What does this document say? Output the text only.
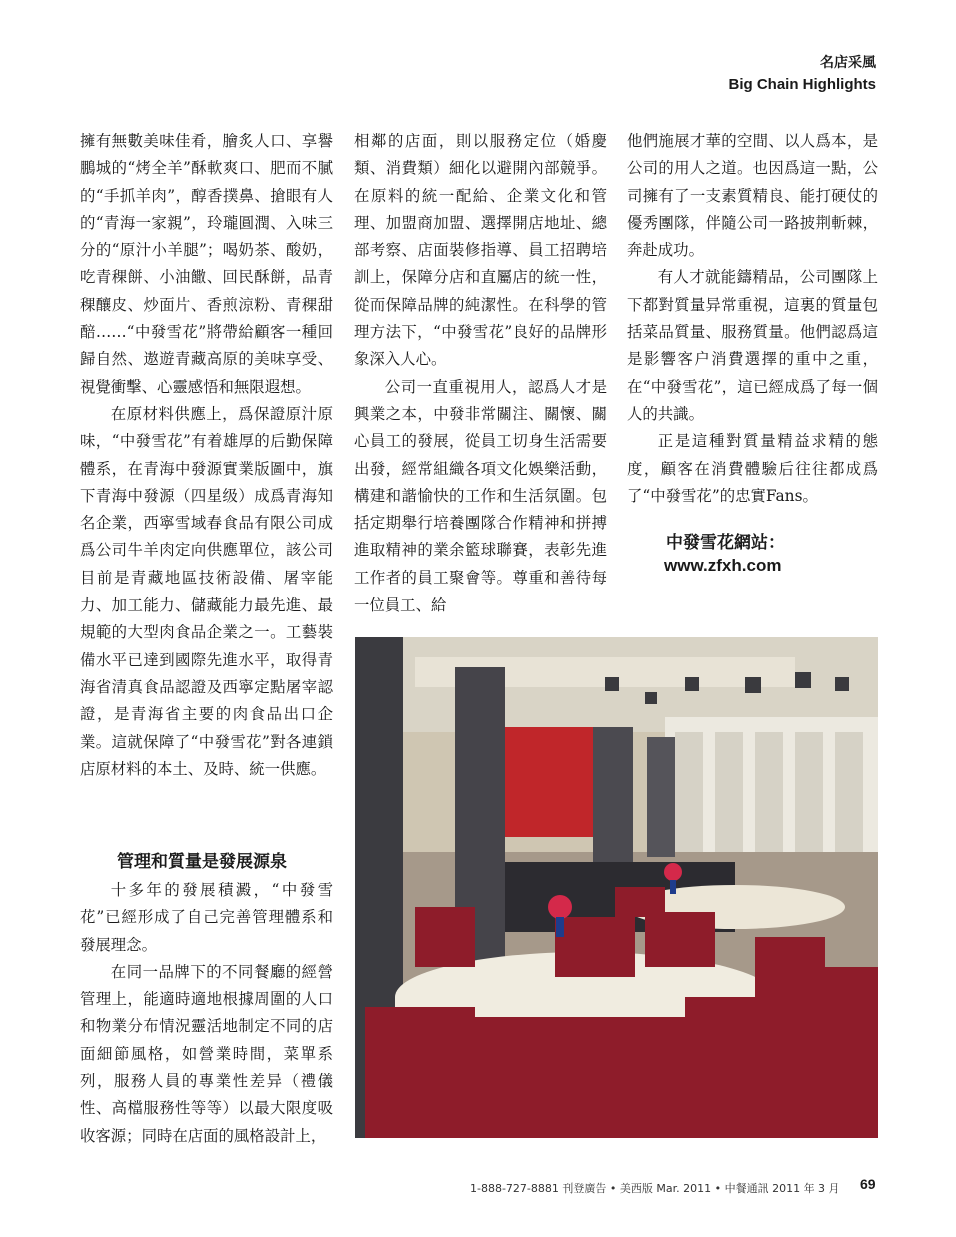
名店采風
Big Chain Highlights

擁有無數美味佳肴，膾炙人口、享譽鵬城的“烤全羊”酥軟爽口、肥而不膩的“手抓羊肉”，醇香撲鼻、搶眼有人的“青海一家親”，玲瓏圓潤、入味三分的“原汁小羊腿”；喝奶茶、酸奶，吃青稞餅、小油饊、回民酥餅，品青稞釀皮、炒面片、香煎涼粉、青稞甜醅……“中發雪花”將帶給顧客一種回歸自然、遨遊青藏高原的美味享受、視覺衝擊、心靈感悟和無限遐想。

在原材料供應上，爲保證原汁原味，“中發雪花”有着雄厚的后勤保障體系，在青海中發源實業版圖中，旗下青海中發源（四星级）成爲青海知名企業，西寧雪域春食品有限公司成爲公司牛羊肉定向供應單位，該公司目前是青藏地區技術設備、屠宰能力、加工能力、儲藏能力最先進、最規範的大型肉食品企業之一。工藝裝備水平已達到國際先進水平，取得青海省清真食品認證及西寧定點屠宰認證，是青海省主要的肉食品出口企業。這就保障了“中發雪花”對各連鎖店原材料的本土、及時、統一供應。

管理和質量是發展源泉

十多年的發展積澱，“中發雪花”已經形成了自己完善管理體系和發展理念。

在同一品牌下的不同餐廳的經營管理上，能適時適地根據周圍的人口和物業分布情況靈活地制定不同的店面細節風格，如營業時間，菜單系列，服務人員的專業性差异（禮儀性、高檔服務性等等）以最大限度吸收客源；同時在店面的風格設計上，

相鄰的店面，則以服務定位（婚慶類、消費類）細化以避開內部競爭。在原料的統一配給、企業文化和管理、加盟商加盟、選擇開店地址、總部考察、店面裝修指導、員工招聘培訓上，保障分店和直屬店的統一性，從而保障品牌的純潔性。在科學的管理方法下，“中發雪花”良好的品牌形象深入人心。

公司一直重視用人，認爲人才是興業之本，中發非常關注、關懷、關心員工的發展，從員工切身生活需要出發，經常組織各項文化娛樂活動，構建和諧愉快的工作和生活氛圍。包括定期舉行培養團隊合作精神和拼搏進取精神的業余籃球聯賽，表彰先進工作者的員工聚會等。尊重和善待每一位員工、給

他們施展才華的空間、以人爲本，是公司的用人之道。也因爲這一點，公司擁有了一支素質精良、能打硬仗的優秀團隊，伴隨公司一路披荆斬棘，奔赴成功。

有人才就能鑄精品，公司團隊上下都對質量异常重視，這裏的質量包括菜品質量、服務質量。他們認爲這是影響客户消費選擇的重中之重，在“中發雪花”，這已經成爲了每一個人的共識。

正是這種對質量精益求精的態度，顧客在消費體驗后往往都成爲了“中發雪花”的忠實Fans。

中發雪花網站：
www.zfxh.com
1-888-727-8881 刊登廣告 • 美西版 Mar. 2011 • 中餐通訊 2011 年 3 月 69
